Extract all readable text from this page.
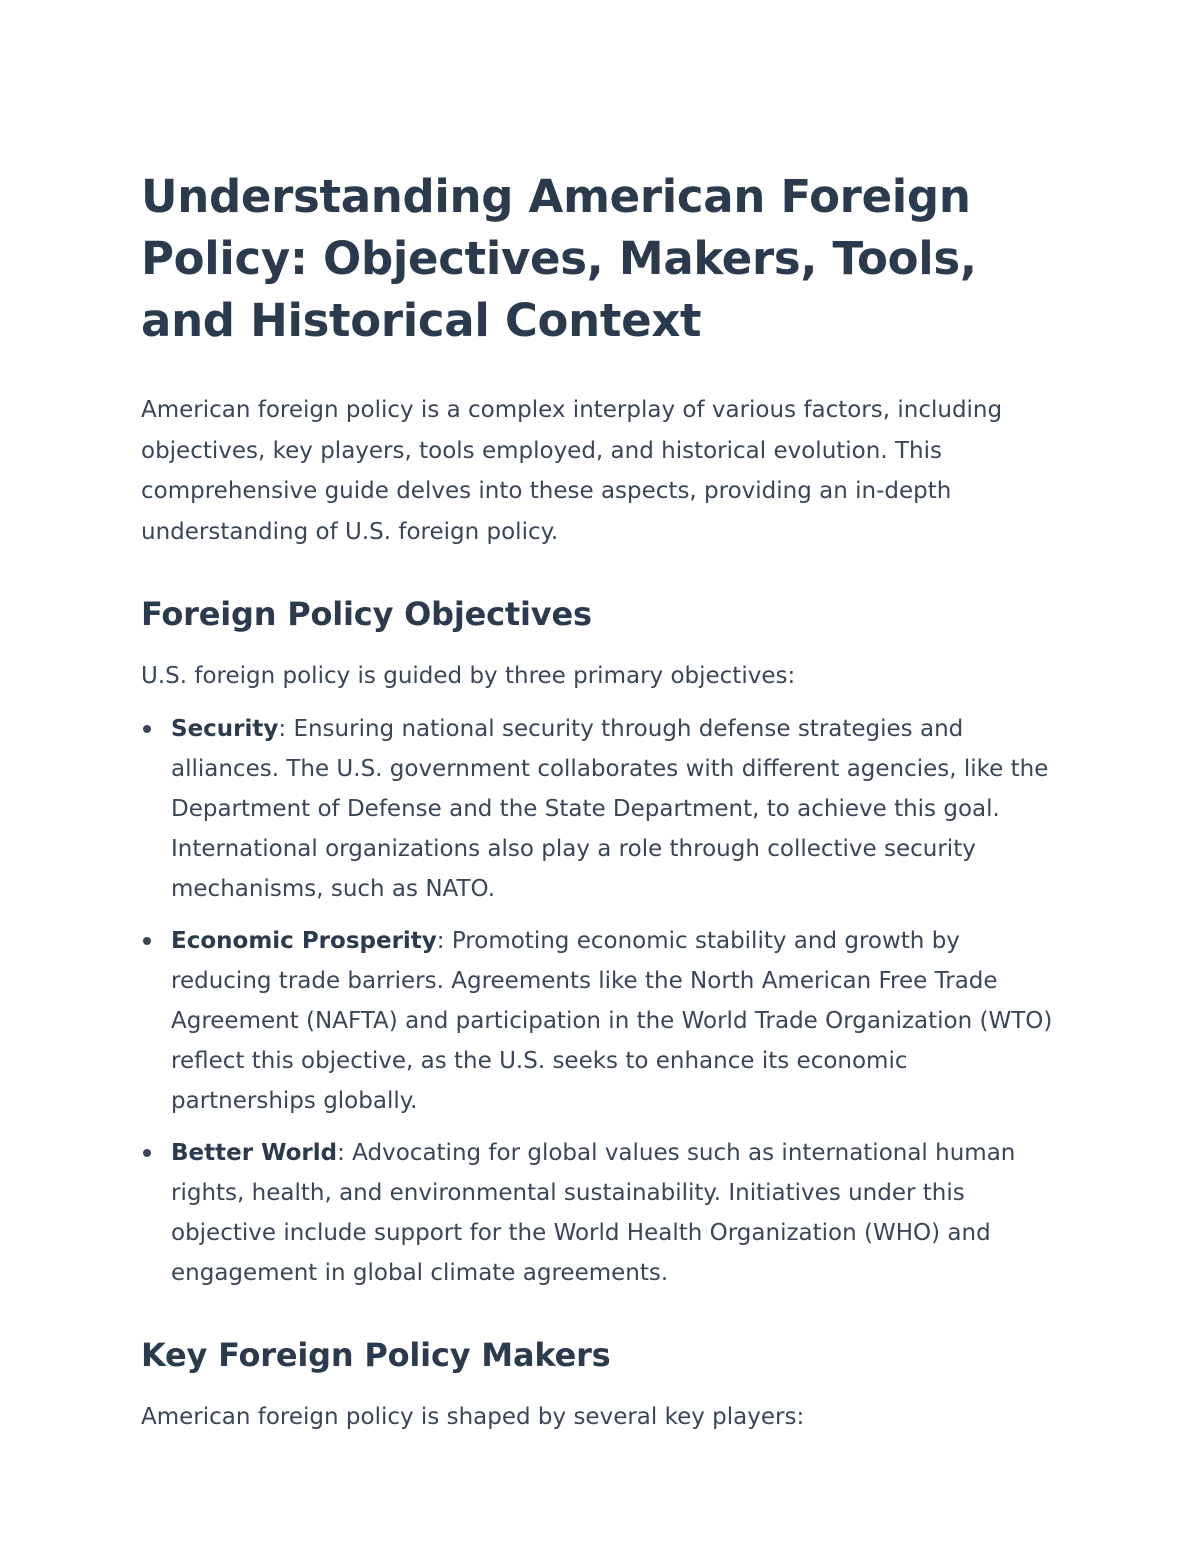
Understanding American Foreign Policy: Objectives, Makers, Tools, and Historical Context

American foreign policy is a complex interplay of various factors, including objectives, key players, tools employed, and historical evolution. This comprehensive guide delves into these aspects, providing an in-depth understanding of U.S. foreign policy.

Foreign Policy Objectives

U.S. foreign policy is guided by three primary objectives:

Security: Ensuring national security through defense strategies and alliances. The U.S. government collaborates with different agencies, like the Department of Defense and the State Department, to achieve this goal. International organizations also play a role through collective security mechanisms, such as NATO.
Economic Prosperity: Promoting economic stability and growth by reducing trade barriers. Agreements like the North American Free Trade Agreement (NAFTA) and participation in the World Trade Organization (WTO) reflect this objective, as the U.S. seeks to enhance its economic partnerships globally.
Better World: Advocating for global values such as international human rights, health, and environmental sustainability. Initiatives under this objective include support for the World Health Organization (WHO) and engagement in global climate agreements.
Key Foreign Policy Makers

American foreign policy is shaped by several key players:
